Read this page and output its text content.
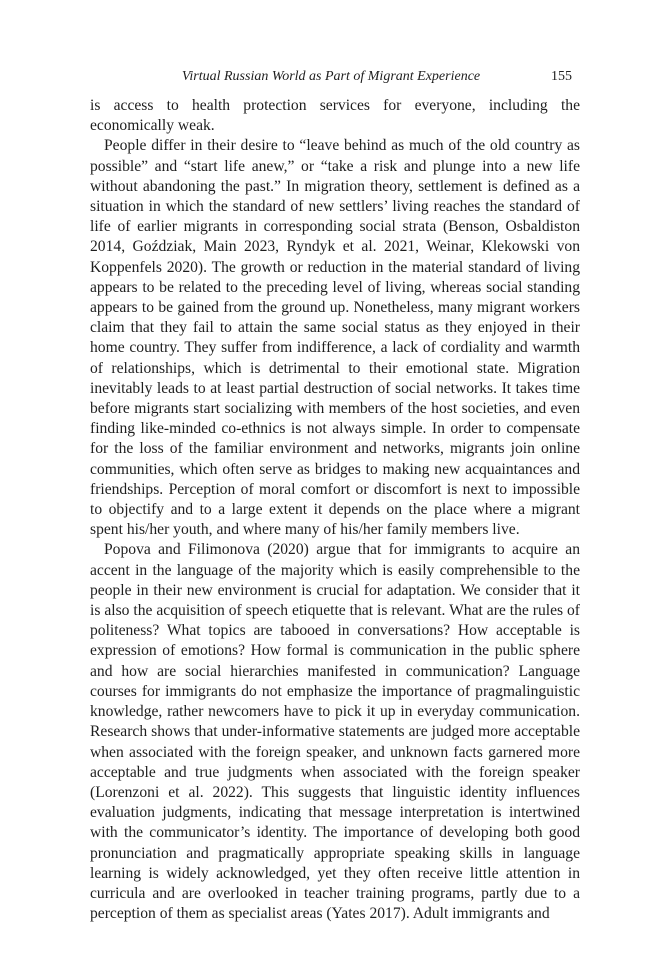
Virtual Russian World as Part of Migrant Experience	155

is access to health protection services for everyone, including the economically weak.

People differ in their desire to “leave behind as much of the old country as possible” and “start life anew,” or “take a risk and plunge into a new life without abandoning the past.” In migration theory, settlement is defined as a situation in which the standard of new settlers’ living reaches the standard of life of earlier migrants in corresponding social strata (Benson, Osbaldiston 2014, Goździak, Main 2023, Ryndyk et al. 2021, Weinar, Klekowski von Koppenfels 2020). The growth or reduction in the material standard of living appears to be related to the preceding level of living, whereas social standing appears to be gained from the ground up. Nonetheless, many migrant workers claim that they fail to attain the same social status as they enjoyed in their home country. They suffer from indifference, a lack of cordiality and warmth of relationships, which is detrimental to their emotional state. Migration inevitably leads to at least partial destruction of social networks. It takes time before migrants start socializing with members of the host societies, and even finding like-minded co-ethnics is not always simple. In order to compensate for the loss of the familiar environment and networks, migrants join online communities, which often serve as bridges to making new acquaintances and friendships. Perception of moral comfort or discomfort is next to impossible to objectify and to a large extent it depends on the place where a migrant spent his/her youth, and where many of his/her family members live.

Popova and Filimonova (2020) argue that for immigrants to acquire an accent in the language of the majority which is easily comprehensible to the people in their new environment is crucial for adaptation. We consider that it is also the acquisition of speech etiquette that is relevant. What are the rules of politeness? What topics are tabooed in conversations? How acceptable is expression of emotions? How formal is communication in the public sphere and how are social hierarchies manifested in communication? Language courses for immigrants do not emphasize the importance of pragmalinguistic knowledge, rather newcomers have to pick it up in everyday communication. Research shows that under-informative statements are judged more acceptable when associated with the foreign speaker, and unknown facts garnered more acceptable and true judgments when associated with the foreign speaker (Lorenzoni et al. 2022). This suggests that linguistic identity influences evaluation judgments, indicating that message interpretation is intertwined with the communicator’s identity. The importance of developing both good pronunciation and pragmatically appropriate speaking skills in language learning is widely acknowledged, yet they often receive little attention in curricula and are overlooked in teacher training programs, partly due to a perception of them as specialist areas (Yates 2017). Adult immigrants and
